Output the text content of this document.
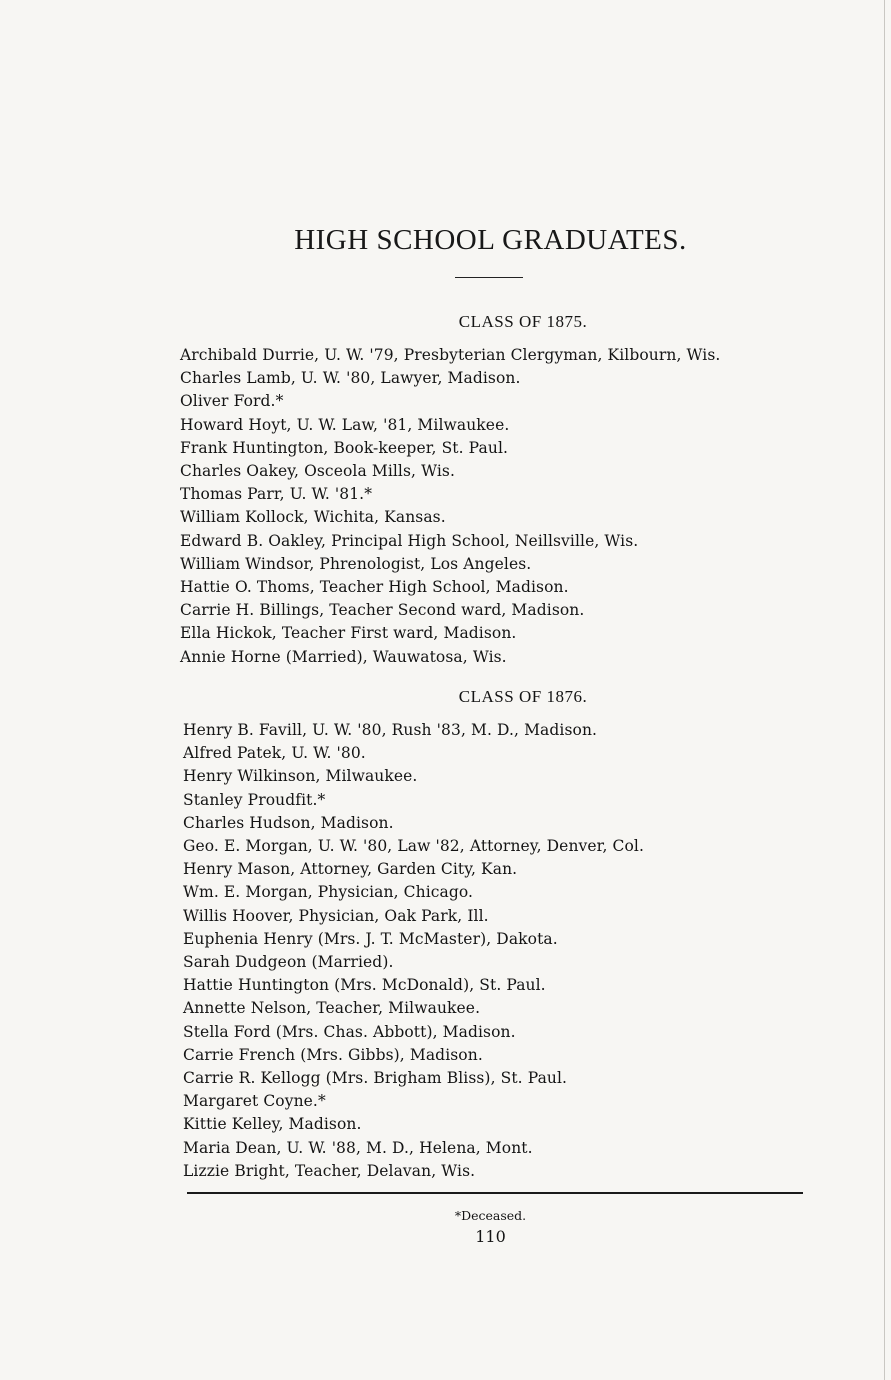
HIGH SCHOOL GRADUATES.
CLASS OF 1875.
Archibald Durrie, U. W. '79, Presbyterian Clergyman, Kilbourn, Wis.
Charles Lamb, U. W. '80, Lawyer, Madison.
Oliver Ford.*
Howard Hoyt, U. W. Law, '81, Milwaukee.
Frank Huntington, Book-keeper, St. Paul.
Charles Oakey, Osceola Mills, Wis.
Thomas Parr, U. W. '81.*
William Kollock, Wichita, Kansas.
Edward B. Oakley, Principal High School, Neillsville, Wis.
William Windsor, Phrenologist, Los Angeles.
Hattie O. Thoms, Teacher High School, Madison.
Carrie H. Billings, Teacher Second ward, Madison.
Ella Hickok, Teacher First ward, Madison.
Annie Horne (Married), Wauwatosa, Wis.
CLASS OF 1876.
Henry B. Favill, U. W. '80, Rush '83, M. D., Madison.
Alfred Patek, U. W. '80.
Henry Wilkinson, Milwaukee.
Stanley Proudfit.*
Charles Hudson, Madison.
Geo. E. Morgan, U. W. '80, Law '82, Attorney, Denver, Col.
Henry Mason, Attorney, Garden City, Kan.
Wm. E. Morgan, Physician, Chicago.
Willis Hoover, Physician, Oak Park, Ill.
Euphenia Henry (Mrs. J. T. McMaster), Dakota.
Sarah Dudgeon (Married).
Hattie Huntington (Mrs. McDonald), St. Paul.
Annette Nelson, Teacher, Milwaukee.
Stella Ford (Mrs. Chas. Abbott), Madison.
Carrie French (Mrs. Gibbs), Madison.
Carrie R. Kellogg (Mrs. Brigham Bliss), St. Paul.
Margaret Coyne.*
Kittie Kelley, Madison.
Maria Dean, U. W. '88, M. D., Helena, Mont.
Lizzie Bright, Teacher, Delavan, Wis.
*Deceased.
110
